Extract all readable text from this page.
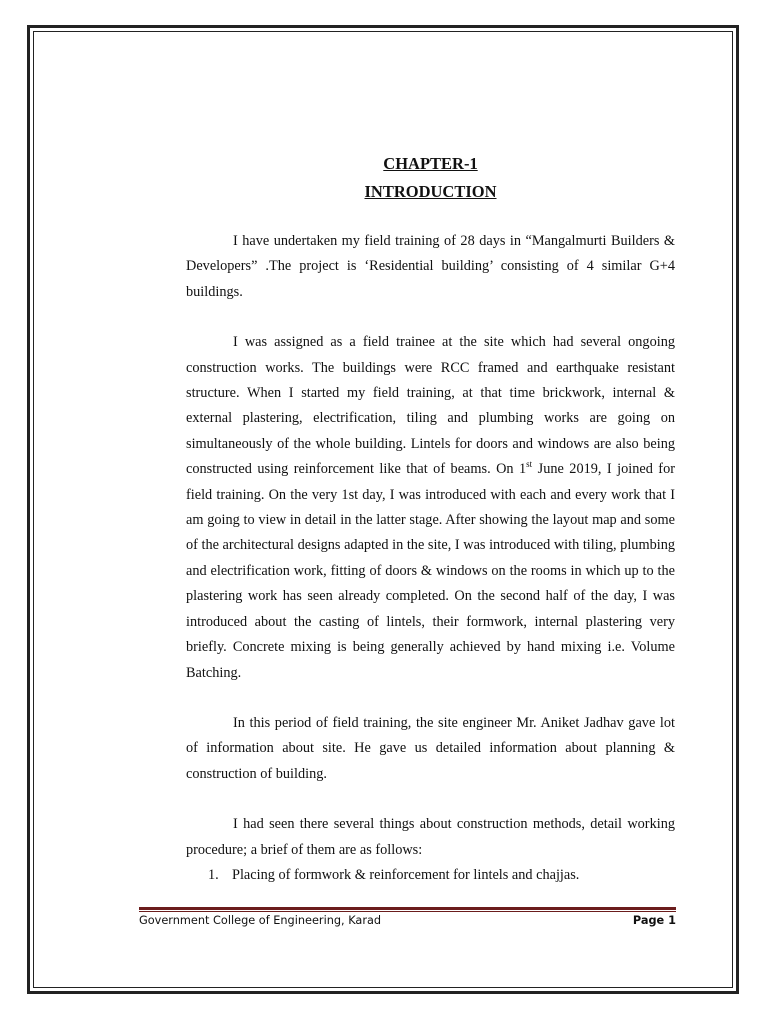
CHAPTER-1
INTRODUCTION

I have undertaken my field training of 28 days in “Mangalmurti Builders & Developers” .The project is ‘Residential building’ consisting of 4 similar G+4 buildings.

I was assigned as a field trainee at the site which had several ongoing construction works. The buildings were RCC framed and earthquake resistant structure. When I started my field training, at that time brickwork, internal & external plastering, electrification, tiling and plumbing works are going on simultaneously of the whole building. Lintels for doors and windows are also being constructed using reinforcement like that of beams. On 1st June 2019, I joined for field training. On the very 1st day, I was introduced with each and every work that I am going to view in detail in the latter stage. After showing the layout map and some of the architectural designs adapted in the site, I was introduced with tiling, plumbing and electrification work, fitting of doors & windows on the rooms in which up to the plastering work has seen already completed. On the second half of the day, I was introduced about the casting of lintels, their formwork, internal plastering very briefly. Concrete mixing is being generally achieved by hand mixing i.e. Volume Batching.

In this period of field training, the site engineer Mr. Aniket Jadhav gave lot of information about site. He gave us detailed information about planning & construction of building.

I had seen there several things about construction methods, detail working procedure; a brief of them are as follows:

1. Placing of formwork & reinforcement for lintels and chajjas.
Government College of Engineering, Karad	Page 1
